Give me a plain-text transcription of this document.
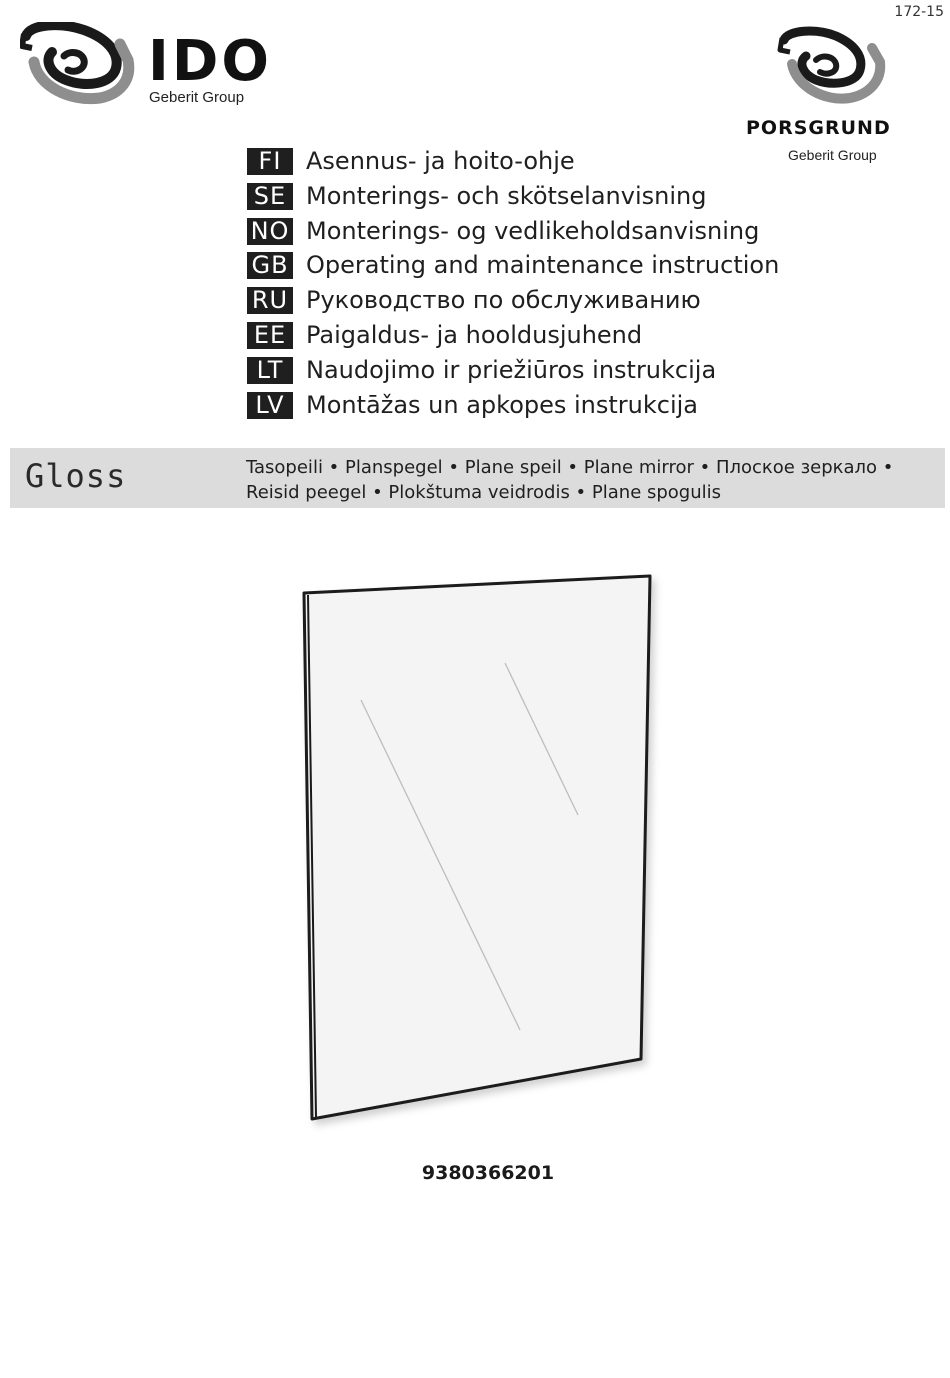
172-15
IDO
Geberit Group
PORSGRUND
Geberit Group
FI	Asennus- ja hoito-ohje
SE Monterings- och skötselanvisning
NO Monterings- og vedlikeholdsanvisning
GB Operating and maintenance instruction
RU Руководство по обслуживанию
EE Paigaldus- ja hooldusjuhend
LT Naudojimo ir priežiūros instrukcija
LV Montāžas un apkopes instrukcija
Gloss	Tasopeili • Planspegel • Plane speil • Plane mirror • Плоское зеркало •
Reisid peegel • Plokštuma veidrodis • Plane spogulis
9380366201
